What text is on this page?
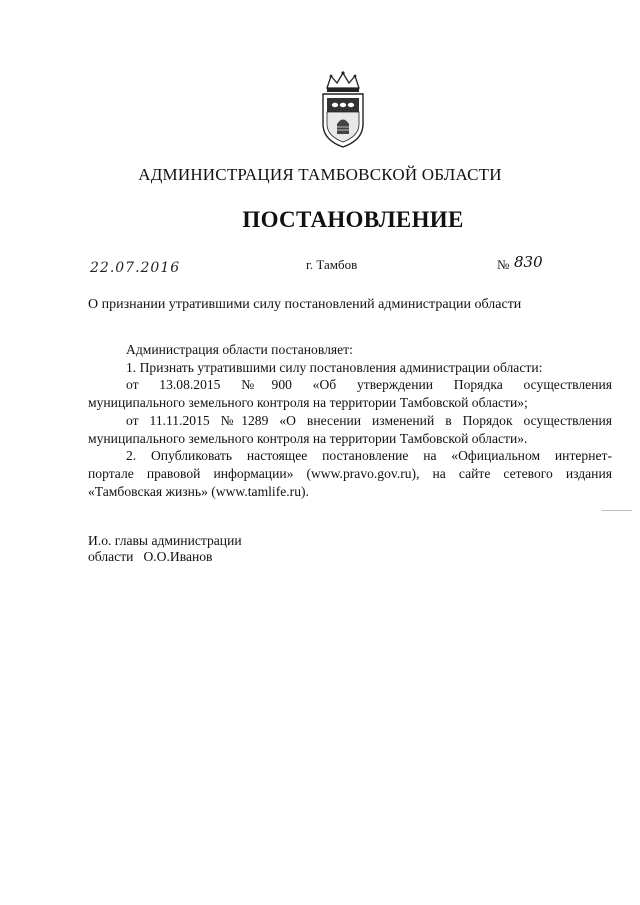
АДМИНИСТРАЦИЯ ТАМБОВСКОЙ ОБЛАСТИ
ПОСТАНОВЛЕНИЕ
22.07.2016	г. Тамбов	№ 830
О признании утратившими силу постановлений администрации области

Администрация области постановляет:

1. Признать утратившими силу постановления администрации области:

от 13.08.2015 №900 «Об утверждении Порядка осуществления

муниципального земельного контроля на территории Тамбовской области»;

от 11.11.2015 №1289 «О внесении изменений в Порядок осуществления

муниципального земельного контроля на территории Тамбовской области».

2. Опубликовать настоящее постановление на «Официальном интернет-

портале правовой информации» (www.pravo.gov.ru), на сайте сетевого издания

«Тамбовская жизнь» (www.tamlife.ru).

И.о. главы администрации
области О.О.Иванов
